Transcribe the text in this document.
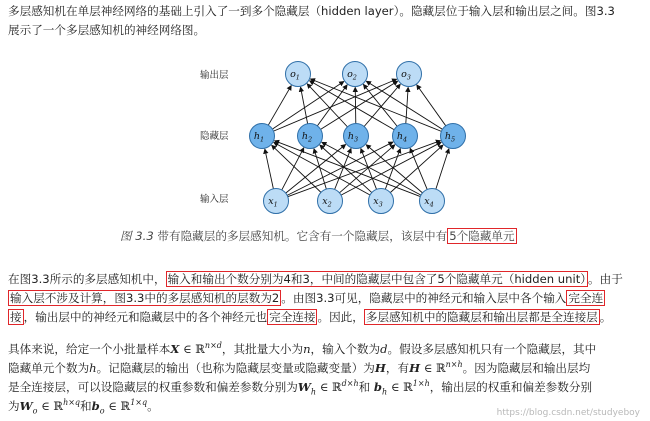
多层感知机在单层神经网络的基础上引入了一到多个隐藏层（hidden layer）。隐藏层位于输入层和输出层之间。图3.3
展示了一个多层感知机的神经网络图。
$o_1$	$o_2$	$o_3$
$h_1$	$h_2$	$h_3$	$h_4$	$h_5$
$x_1$	$x_2$	$x_3$	$x_4$
输出层
隐藏层
输入层
图 3.3 带有隐藏层的多层感知机。它含有一个隐藏层，该层中有 5个隐藏单元
在图3.3所示的多层感知机中， 输入和输出个数分别为4和3，中间的隐藏层中包含了5个隐藏单元（hidden unit） 。由于
输入层不涉及计算，图3.3中的多层感知机的层数为2 。由图3.3可见，隐藏层中的神经元和输入层中各个输入 完全连
接 ，输出层中的神经元和隐藏层中的各个神经元也 完全连接 。因此， 多层感知机中的隐藏层和输出层都是全连接层 。
具体来说，给定一个小批量样本X ∈ ℝ$^{n\times d}$，其批量大小为n，输入个数为d。假设多层感知机只有一个隐藏层，其中
隐藏单元个数为h。记隐藏层的输出（也称为隐藏层变量或隐藏变量）为H，有H ∈ ℝ$^{n\times h}$。因为隐藏层和输出层均
是全连接层，可以设隐藏层的权重参数和偏差参数分别为$W_h$ ∈ ℝ$^{d\times h}$和 $b_h$ ∈ ℝ$^{1\times h}$，输出层的权重和偏差参数分别
为$W_o$ ∈ ℝ$^{h\times q}$和$b_o$ ∈ ℝ$^{1\times q}$。	https://blog.csdn.net/studyeboy
